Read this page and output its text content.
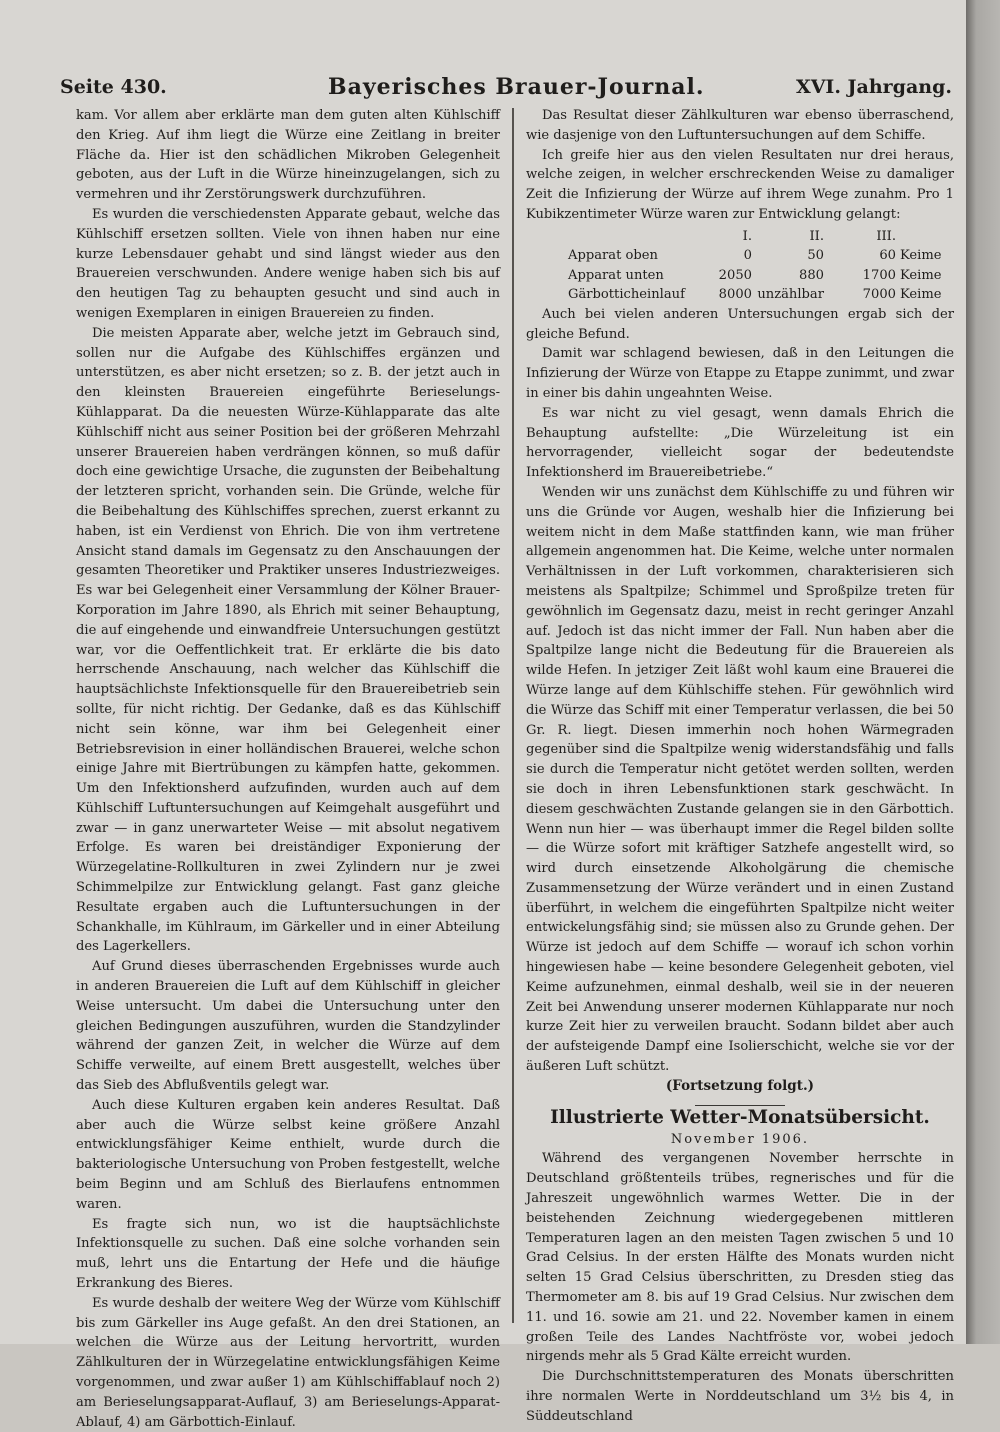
Seite 430.	Bayerisches Brauer-Journal.	XVI. Jahrgang.

kam. Vor allem aber erklärte man dem guten alten Kühlschiff den Krieg. Auf ihm liegt die Würze eine Zeitlang in breiter Fläche da. Hier ist den schädlichen Mikroben Gelegenheit geboten, aus der Luft in die Würze hineinzugelangen, sich zu vermehren und ihr Zerstörungswerk durchzuführen.

Es wurden die verschiedensten Apparate gebaut, welche das Kühlschiff ersetzen sollten. Viele von ihnen haben nur eine kurze Lebensdauer gehabt und sind längst wieder aus den Brauereien verschwunden. Andere wenige haben sich bis auf den heutigen Tag zu behaupten gesucht und sind auch in wenigen Exemplaren in einigen Brauereien zu finden.

Die meisten Apparate aber, welche jetzt im Gebrauch sind, sollen nur die Aufgabe des Kühlschiffes ergänzen und unterstützen, es aber nicht ersetzen; so z. B. der jetzt auch in den kleinsten Brauereien eingeführte Berieselungs-Kühlapparat. Da die neuesten Würze-Kühlapparate das alte Kühlschiff nicht aus seiner Position bei der größeren Mehrzahl unserer Brauereien haben verdrängen können, so muß dafür doch eine gewichtige Ursache, die zugunsten der Beibehaltung der letzteren spricht, vorhanden sein. Die Gründe, welche für die Beibehaltung des Kühlschiffes sprechen, zuerst erkannt zu haben, ist ein Verdienst von Ehrich. Die von ihm vertretene Ansicht stand damals im Gegensatz zu den Anschauungen der gesamten Theoretiker und Praktiker unseres Industriezweiges. Es war bei Gelegenheit einer Versammlung der Kölner Brauer-Korporation im Jahre 1890, als Ehrich mit seiner Behauptung, die auf eingehende und einwandfreie Untersuchungen gestützt war, vor die Oeffentlichkeit trat. Er erklärte die bis dato herrschende Anschauung, nach welcher das Kühlschiff die hauptsächlichste Infektionsquelle für den Brauereibetrieb sein sollte, für nicht richtig. Der Gedanke, daß es das Kühlschiff nicht sein könne, war ihm bei Gelegenheit einer Betriebsrevision in einer holländischen Brauerei, welche schon einige Jahre mit Biertrübungen zu kämpfen hatte, gekommen. Um den Infektionsherd aufzufinden, wurden auch auf dem Kühlschiff Luftuntersuchungen auf Keimgehalt ausgeführt und zwar — in ganz unerwarteter Weise — mit absolut negativem Erfolge. Es waren bei dreiständiger Exponierung der Würzegelatine-Rollkulturen in zwei Zylindern nur je zwei Schimmelpilze zur Entwicklung gelangt. Fast ganz gleiche Resultate ergaben auch die Luftuntersuchungen in der Schankhalle, im Kühlraum, im Gärkeller und in einer Abteilung des Lagerkellers.

Auf Grund dieses überraschenden Ergebnisses wurde auch in anderen Brauereien die Luft auf dem Kühlschiff in gleicher Weise untersucht. Um dabei die Untersuchung unter den gleichen Bedingungen auszuführen, wurden die Standzylinder während der ganzen Zeit, in welcher die Würze auf dem Schiffe verweilte, auf einem Brett ausgestellt, welches über das Sieb des Abflußventils gelegt war.

Auch diese Kulturen ergaben kein anderes Resultat. Daß aber auch die Würze selbst keine größere Anzahl entwicklungsfähiger Keime enthielt, wurde durch die bakteriologische Untersuchung von Proben festgestellt, welche beim Beginn und am Schluß des Bierlaufens entnommen waren.

Es fragte sich nun, wo ist die hauptsächlichste Infektionsquelle zu suchen. Daß eine solche vorhanden sein muß, lehrt uns die Entartung der Hefe und die häufige Erkrankung des Bieres.

Es wurde deshalb der weitere Weg der Würze vom Kühlschiff bis zum Gärkeller ins Auge gefaßt. An den drei Stationen, an welchen die Würze aus der Leitung hervortritt, wurden Zählkulturen der in Würzegelatine entwicklungsfähigen Keime vorgenommen, und zwar außer 1) am Kühlschiffablauf noch 2) am Berieselungsapparat-Auflauf, 3) am Berieselungs-Apparat-Ablauf, 4) am Gärbottich-Einlauf.

Das Resultat dieser Zählkulturen war ebenso überraschend, wie dasjenige von den Luftuntersuchungen auf dem Schiffe.

Ich greife hier aus den vielen Resultaten nur drei heraus, welche zeigen, in welcher erschreckenden Weise zu damaliger Zeit die Infizierung der Würze auf ihrem Wege zunahm. Pro 1 Kubikzentimeter Würze waren zur Entwicklung gelangt:

	I.	II.	III.	
Apparat oben	0	50	60	Keime
Apparat unten	2050	880	1700	Keime
Gärbotticheinlauf	8000	unzählbar	7000	Keime

Auch bei vielen anderen Untersuchungen ergab sich der gleiche Befund.

Damit war schlagend bewiesen, daß in den Leitungen die Infizierung der Würze von Etappe zu Etappe zunimmt, und zwar in einer bis dahin ungeahnten Weise.

Es war nicht zu viel gesagt, wenn damals Ehrich die Behauptung aufstellte: „Die Würzeleitung ist ein hervorragender, vielleicht sogar der bedeutendste Infektionsherd im Brauereibetriebe.“

Wenden wir uns zunächst dem Kühlschiffe zu und führen wir uns die Gründe vor Augen, weshalb hier die Infizierung bei weitem nicht in dem Maße stattfinden kann, wie man früher allgemein angenommen hat. Die Keime, welche unter normalen Verhältnissen in der Luft vorkommen, charakterisieren sich meistens als Spaltpilze; Schimmel und Sproßpilze treten für gewöhnlich im Gegensatz dazu, meist in recht geringer Anzahl auf. Jedoch ist das nicht immer der Fall. Nun haben aber die Spaltpilze lange nicht die Bedeutung für die Brauereien als wilde Hefen. In jetziger Zeit läßt wohl kaum eine Brauerei die Würze lange auf dem Kühlschiffe stehen. Für gewöhnlich wird die Würze das Schiff mit einer Temperatur verlassen, die bei 50 Gr. R. liegt. Diesen immerhin noch hohen Wärmegraden gegenüber sind die Spaltpilze wenig widerstandsfähig und falls sie durch die Temperatur nicht getötet werden sollten, werden sie doch in ihren Lebensfunktionen stark geschwächt. In diesem geschwächten Zustande gelangen sie in den Gärbottich. Wenn nun hier — was überhaupt immer die Regel bilden sollte — die Würze sofort mit kräftiger Satzhefe angestellt wird, so wird durch einsetzende Alkoholgärung die chemische Zusammensetzung der Würze verändert und in einen Zustand überführt, in welchem die eingeführten Spaltpilze nicht weiter entwickelungsfähig sind; sie müssen also zu Grunde gehen. Der Würze ist jedoch auf dem Schiffe — worauf ich schon vorhin hingewiesen habe — keine besondere Gelegenheit geboten, viel Keime aufzunehmen, einmal deshalb, weil sie in der neueren Zeit bei Anwendung unserer modernen Kühlapparate nur noch kurze Zeit hier zu verweilen braucht. Sodann bildet aber auch der aufsteigende Dampf eine Isolierschicht, welche sie vor der äußeren Luft schützt.

(Fortsetzung folgt.)

Illustrierte Wetter-Monatsübersicht.

November 1906.

Während des vergangenen November herrschte in Deutschland größtenteils trübes, regnerisches und für die Jahreszeit ungewöhnlich warmes Wetter. Die in der beistehenden Zeichnung wiedergegebenen mittleren Temperaturen lagen an den meisten Tagen zwischen 5 und 10 Grad Celsius. In der ersten Hälfte des Monats wurden nicht selten 15 Grad Celsius überschritten, zu Dresden stieg das Thermometer am 8. bis auf 19 Grad Celsius. Nur zwischen dem 11. und 16. sowie am 21. und 22. November kamen in einem großen Teile des Landes Nachtfröste vor, wobei jedoch nirgends mehr als 5 Grad Kälte erreicht wurden.

Die Durchschnittstemperaturen des Monats überschritten ihre normalen Werte in Norddeutschland um 3½ bis 4, in Süddeutschland
